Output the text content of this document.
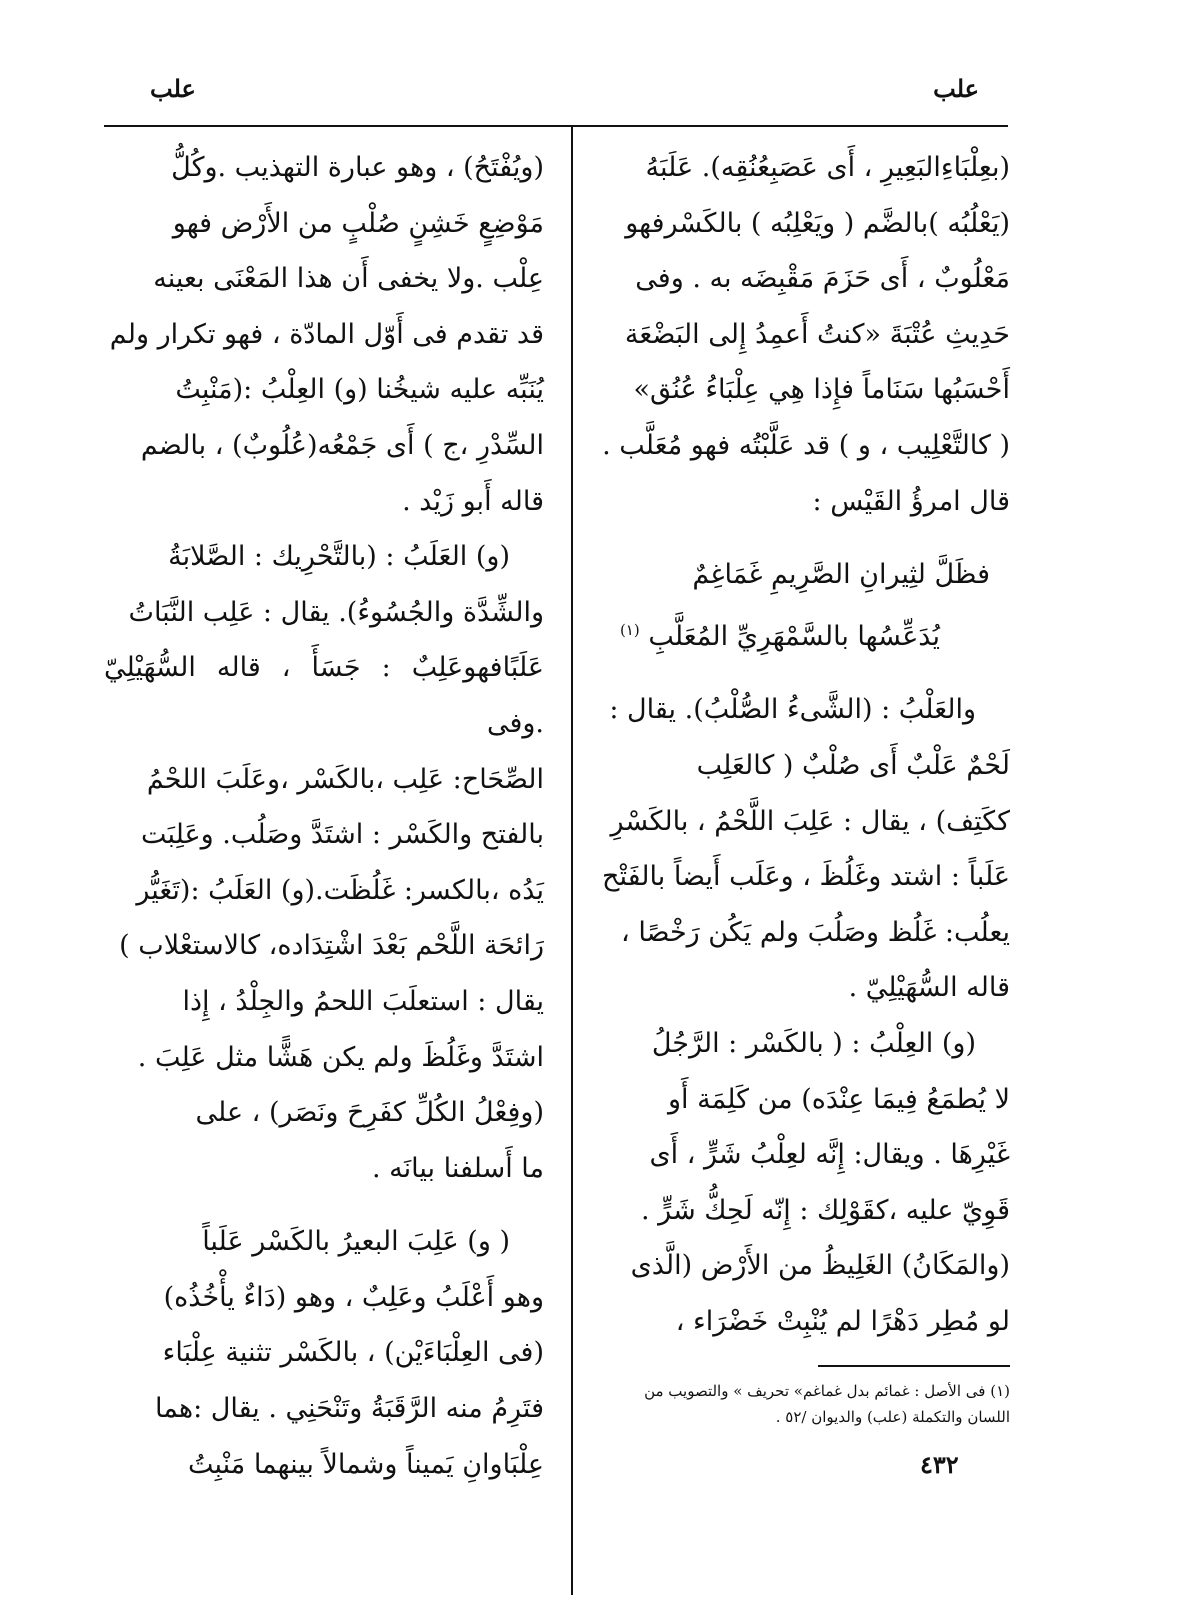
علب
علب

(بعِلْبَاءِالبَعِيرِ ، أَى عَصَبِعُنُقِه). عَلَبَهُ

(يَعْلُبُه )بالضَّم ( ويَعْلِبُه ) بالكَسْرفهو

مَعْلُوبٌ ، أَى حَزَمَ مَقْبِضَه به . وفى

حَدِيثِ عُتْبَةَ «كنتُ أَعمِدُ إِلى البَضْعَة

أَحْسَبُها سَنَاماً فإِذا هِي عِلْبَاءُ عُنُق»

( كالتَّعْلِيب ، و ) قد عَلَّبْتُه فهو مُعَلَّب .

قال امرؤُ القَيْس :

فظَلَّ لثِيرانِ الصَّرِيمِ غَمَاغِمٌ

يُدَعِّسُها بالسَّمْهَرِيِّ المُعَلَّبِ $^{(١)}$

والعَلْبُ : (الشَّىءُ الصُّلْبُ). يقال :

لَحْمٌ عَلْبٌ أَى صُلْبٌ ( كالعَلِب

ككَتِف) ، يقال : عَلِبَ اللَّحْمُ ، بالكَسْرِ

عَلَباً : اشتد وغَلُظَ ، وعَلَب أَيضاً بالفَتْح

يعلُب: غَلُظ وصَلُبَ ولم يَكُن رَخْصًا ،

قاله السُّهَيْلِيّ .

(و) العِلْبُ : ( بالكَسْر : الرَّجُلُ

لا يُطمَعُ فِيمَا عِنْدَه) من كَلِمَة أَو

غَيْرِهَا . ويقال: إِنَّه لعِلْبُ شَرٍّ ، أَى

قَوِيّ عليه ،كقَوْلِك : إِنّه لَحِكُّ شَرٍّ .

(والمَكَانُ) الغَلِيظُ من الأَرْض (الَّذى

لو مُطِر دَهْرًا لم يُنْبِتْ خَضْرَاء ،

(ويُفْتَحُ) ، وهو عبارة التهذيب .وكُلُّ

مَوْضِعٍ خَشِنٍ صُلْبٍ من الأَرْض فهو

عِلْب .ولا يخفى أَن هذا المَعْنَى بعينه

قد تقدم فى أَوّل المادّة ، فهو تكرار ولم

يُنَبِّه عليه شيخُنا (و) العِلْبُ :(مَنْبِتُ

السِّدْرِ ،ج ) أَى جَمْعُه(عُلُوبٌ) ، بالضم

قاله أَبو زَيْد .

(و) العَلَبُ : (بالتَّحْرِيك : الصَّلابَةُ

والشِّدَّة والجُسُوءُ). يقال : عَلِب النَّبَاتُ

عَلَبًافهوعَلِبٌ : جَسَأَ ، قاله السُّهَيْلِيّ .وفى

الصِّحَاح: عَلِب ،بالكَسْر ،وعَلَبَ اللحْمُ

بالفتح والكَسْر : اشتَدَّ وصَلُب. وعَلِبَت

يَدُه ،بالكسر: غَلُظَت.(و) العَلَبُ :(تَغَيُّر

رَائحَة اللَّحْم بَعْدَ اشْتِدَاده، كالاستعْلاب )

يقال : استعلَبَ اللحمُ والجِلْدُ ، إِذا

اشتَدَّ وغَلُظَ ولم يكن هَشًّا مثل عَلِبَ .

(وفِعْلُ الكُلِّ كفَرِحَ ونَصَر) ، على

ما أَسلفنا بيانَه .

( و) عَلِبَ البعيرُ بالكَسْر عَلَباً

وهو أَعْلَبُ وعَلِبٌ ، وهو (دَاءٌ يأْخُذُه)

(فى العِلْبَاءَيْن) ، بالكَسْر تثنية عِلْبَاء

فتَرِمُ منه الرَّقَبَةُ وتَنْحَنِي . يقال :هما

عِلْبَاوانِ يَميناً وشمالاً بينهما مَنْبِتُ

(١) فى الأصل : غمائم بدل غماغم» تحريف » والتصويب من

اللسان والتكملة (علب) والديوان /٥٢ .

٤٣٢
